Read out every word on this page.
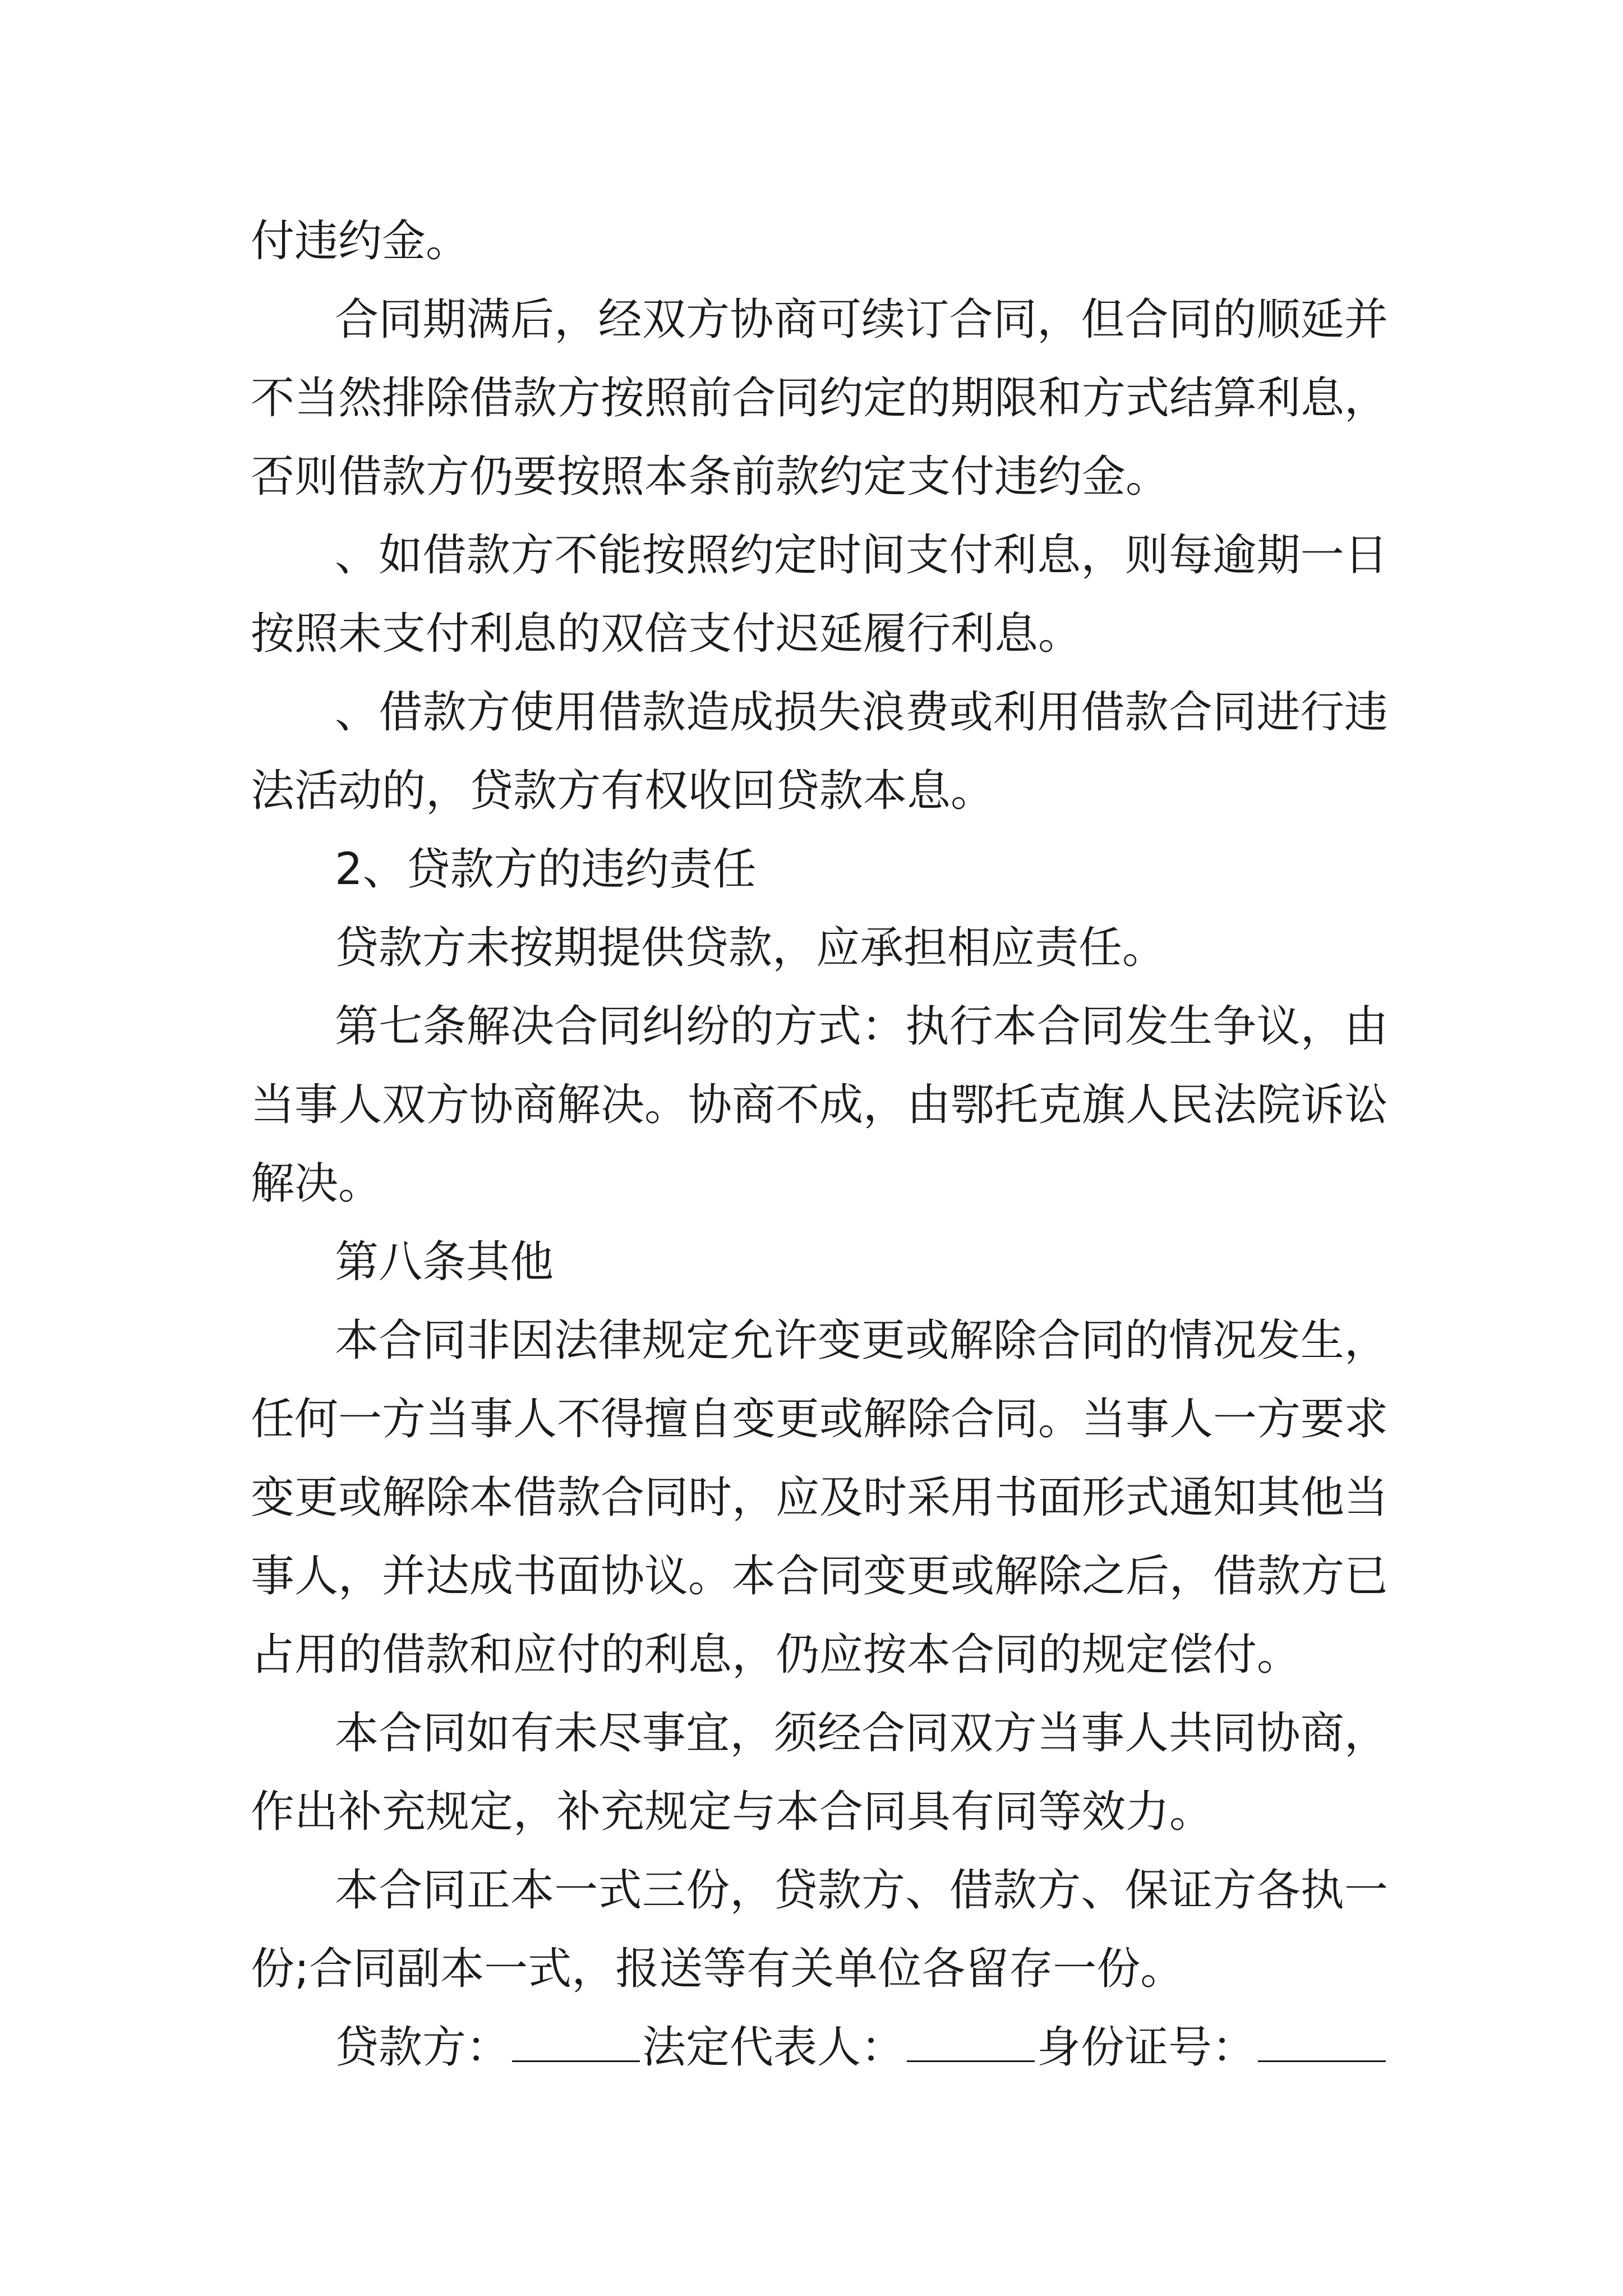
付违约金。
合同期满后，经双方协商可续订合同，但合同的顺延并
不当然排除借款方按照前合同约定的期限和方式结算利息，
否则借款方仍要按照本条前款约定支付违约金。
、如借款方不能按照约定时间支付利息，则每逾期一日
按照未支付利息的双倍支付迟延履行利息。
、借款方使用借款造成损失浪费或利用借款合同进行违
法活动的，贷款方有权收回贷款本息。
2、贷款方的违约责任
贷款方未按期提供贷款，应承担相应责任。
第七条解决合同纠纷的方式：执行本合同发生争议，由
当事人双方协商解决。协商不成，由鄂托克旗人民法院诉讼
解决。
第八条其他
本合同非因法律规定允许变更或解除合同的情况发生，
任何一方当事人不得擅自变更或解除合同。当事人一方要求
变更或解除本借款合同时，应及时采用书面形式通知其他当
事人，并达成书面协议。本合同变更或解除之后，借款方已
占用的借款和应付的利息，仍应按本合同的规定偿付。
本合同如有未尽事宜，须经合同双方当事人共同协商，
作出补充规定，补充规定与本合同具有同等效力。
本合同正本一式三份，贷款方、借款方、保证方各执一
份;合同副本一式，报送等有关单位各留存一份。
贷款方：	法定代表人：	身份证号：
